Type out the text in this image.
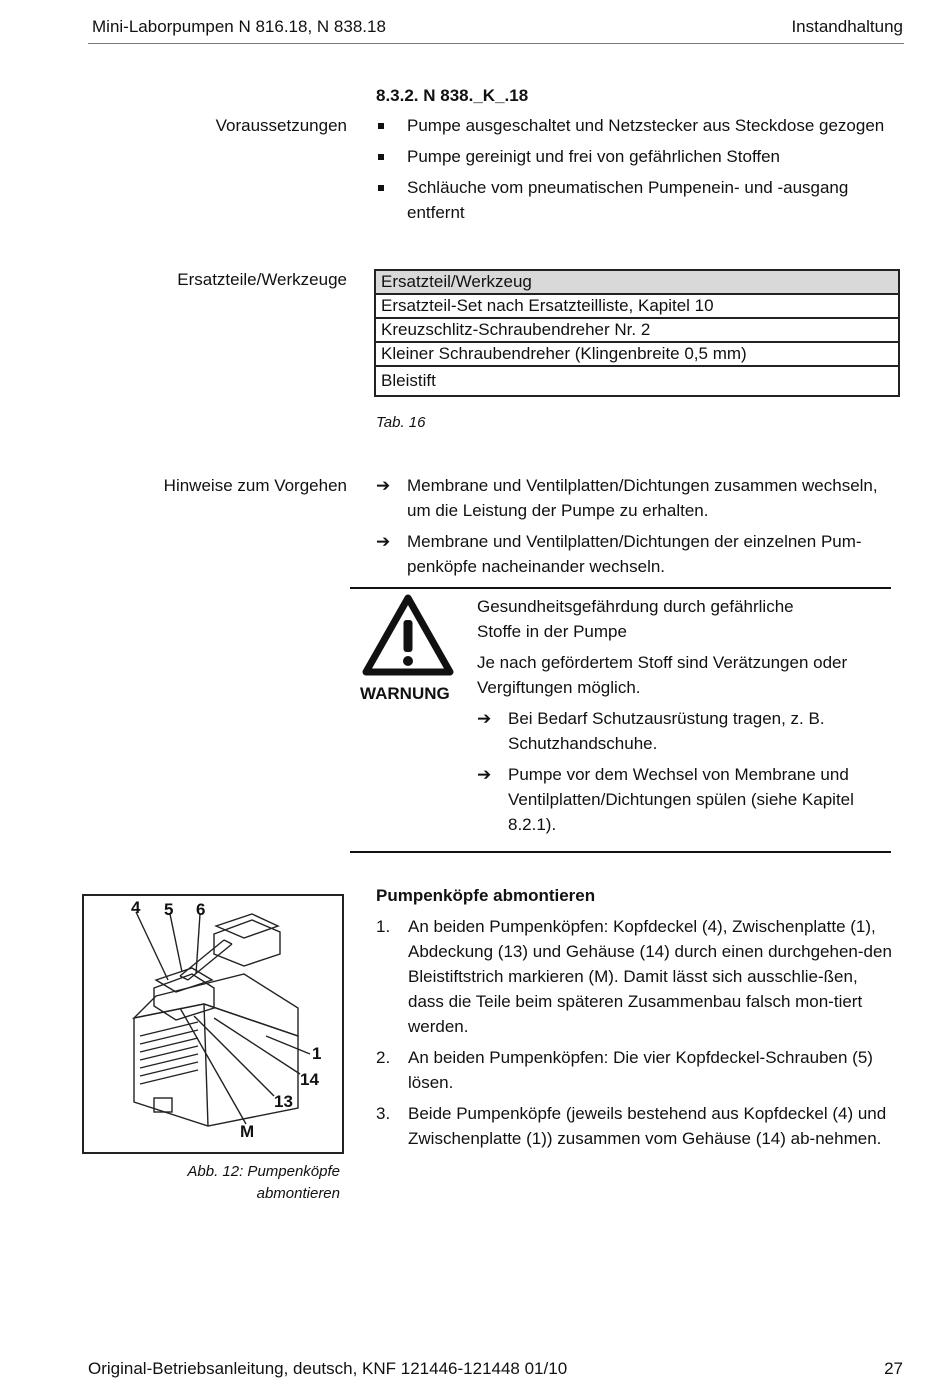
Mini-Laborpumpen N 816.18, N 838.18	Instandhaltung
8.3.2. N 838._K_.18
Voraussetzungen	Pumpe ausgeschaltet und Netzstecker aus Steckdose gezogen
Pumpe gereinigt und frei von gefährlichen Stoffen
Schläuche vom pneumatischen Pumpenein- und -ausgang entfernt
Ersatzteile/Werkzeuge Ersatzteil/Werkzeug
Ersatzteil-Set nach Ersatzteilliste, Kapitel 10
Kreuzschlitz-Schraubendreher Nr. 2
Kleiner Schraubendreher (Klingenbreite 0,5 mm)
Bleistift
Tab. 16
Hinweise zum Vorgehen ➔ Membrane und Ventilplatten/Dichtungen zusammen wechseln, um die Leistung der Pumpe zu erhalten.
➔ Membrane und Ventilplatten/Dichtungen der einzelnen Pum-penköpfe nacheinander wechseln.
WARNUNG
Gesundheitsgefährdung durch gefährliche
Stoffe in der Pumpe
Je nach gefördertem Stoff sind Verätzungen oder Vergiftungen möglich.
➔ Bei Bedarf Schutzausrüstung tragen, z. B. Schutzhandschuhe.
➔ Pumpe vor dem Wechsel von Membrane und Ventilplatten/Dichtungen spülen (siehe Kapitel 8.2.1).
4 5 6
1
14
13
M
Abb. 12: Pumpenköpfe
abmontieren
Pumpenköpfe abmontieren
1. An beiden Pumpenköpfen: Kopfdeckel (4), Zwischenplatte (1), Abdeckung (13) und Gehäuse (14) durch einen durchgehen-den Bleistiftstrich markieren (M). Damit lässt sich ausschlie-ßen, dass die Teile beim späteren Zusammenbau falsch mon-tiert werden.
2. An beiden Pumpenköpfen: Die vier Kopfdeckel-Schrauben (5) lösen.
3. Beide Pumpenköpfe (jeweils bestehend aus Kopfdeckel (4) und Zwischenplatte (1)) zusammen vom Gehäuse (14) ab-nehmen.
Original-Betriebsanleitung, deutsch, KNF 121446-121448 01/10	27
